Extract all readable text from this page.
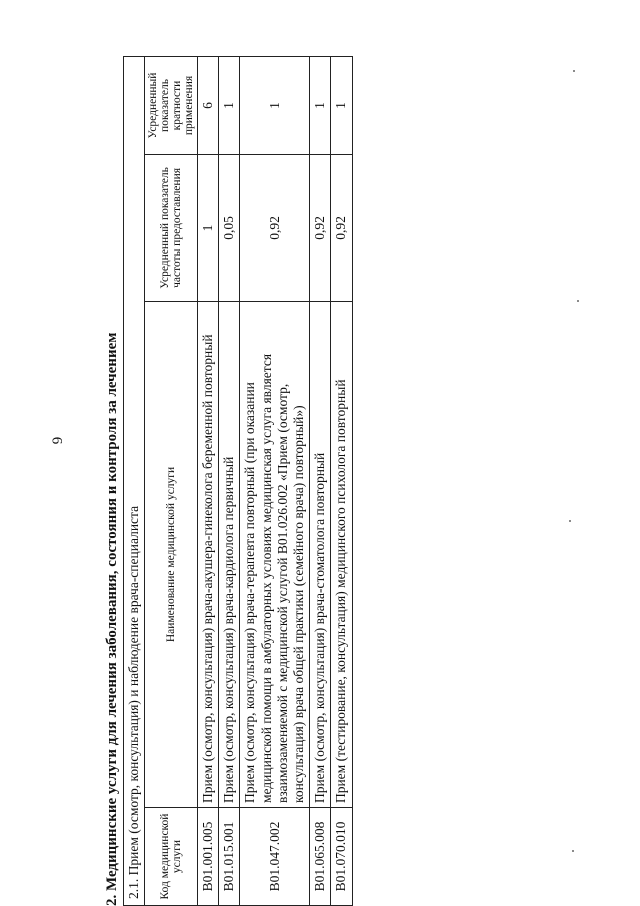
6	2. Медицинские услуги для лечения заболевания, состояния и контроля за лечением 2.1. Прием (осмотр, консультация) и наблюдение врача-специалиста			
Код медицинской услуги	Наименование медицинской услуги	Усредненный показатель частоты предоставления	Усредненный показатель кратности применения
B01.001.005	Прием (осмотр, консультация) врача-акушера-гинеколога беременной повторный	1	6
B01.015.001	Прием (осмотр, консультация) врача-кардиолога первичный	0,05	1
B01.047.002	Прием (осмотр, консультация) врача-терапевта повторный (при оказании медицинской помощи в амбулаторных условиях медицинская услуга является взаимозаменяемой с медицинской услугой B01.026.002 «Прием (осмотр, консультация) врача общей практики (семейного врача) повторный»)	0,92	1
B01.065.008	Прием (осмотр, консультация) врача-стоматолога повторный	0,92	1
B01.070.010	Прием (тестирование, консультация) медицинского психолога повторный	0,92	1
